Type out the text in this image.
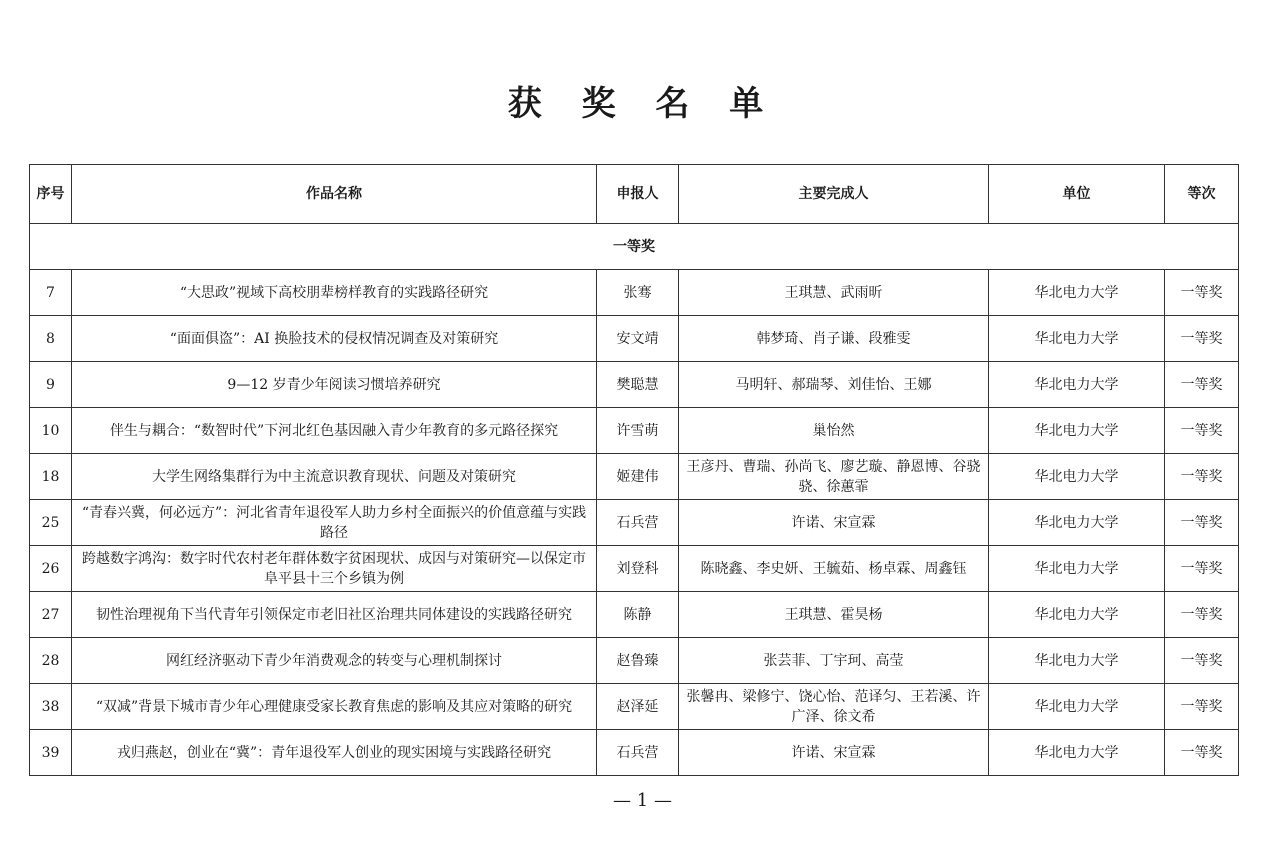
获 奖 名 单
序号	作品名称	申报人	主要完成人	单位	等次
一等奖					
7	“大思政”视域下高校朋辈榜样教育的实践路径研究	张骞	王琪慧、武雨昕	华北电力大学	一等奖
8	“面面俱盗”：AI 换脸技术的侵权情况调查及对策研究	安文靖	韩梦琦、肖子谦、段雅雯	华北电力大学	一等奖
9	9—12 岁青少年阅读习惯培养研究	樊聪慧	马明轩、郝瑞琴、刘佳怡、王娜	华北电力大学	一等奖
10	伴生与耦合：“数智时代”下河北红色基因融入青少年教育的多元路径探究	许雪萌	巢怡然	华北电力大学	一等奖
18	大学生网络集群行为中主流意识教育现状、问题及对策研究	姬建伟	王彦丹、曹瑞、孙尚飞、廖艺璇、静恩博、谷骁骁、徐蕙霏	华北电力大学	一等奖
25	“青春兴冀，何必远方”：河北省青年退役军人助力乡村全面振兴的价值意蕴与实践路径	石兵营	许诺、宋宣霖	华北电力大学	一等奖
26	跨越数字鸿沟：数字时代农村老年群体数字贫困现状、成因与对策研究—以保定市阜平县十三个乡镇为例	刘登科	陈晓鑫、李史妍、王毓茹、杨卓霖、周鑫钰	华北电力大学	一等奖
27	韧性治理视角下当代青年引领保定市老旧社区治理共同体建设的实践路径研究	陈静	王琪慧、霍昊杨	华北电力大学	一等奖
28	网红经济驱动下青少年消费观念的转变与心理机制探讨	赵鲁臻	张芸菲、丁宇珂、高莹	华北电力大学	一等奖
38	“双减”背景下城市青少年心理健康受家长教育焦虑的影响及其应对策略的研究	赵泽延	张馨冉、梁修宁、饶心怡、范译匀、王若溪、许广泽、徐文希	华北电力大学	一等奖
39	戎归燕赵，创业在“冀”：青年退役军人创业的现实困境与实践路径研究	石兵营	许诺、宋宣霖	华北电力大学	一等奖
— 1 —
